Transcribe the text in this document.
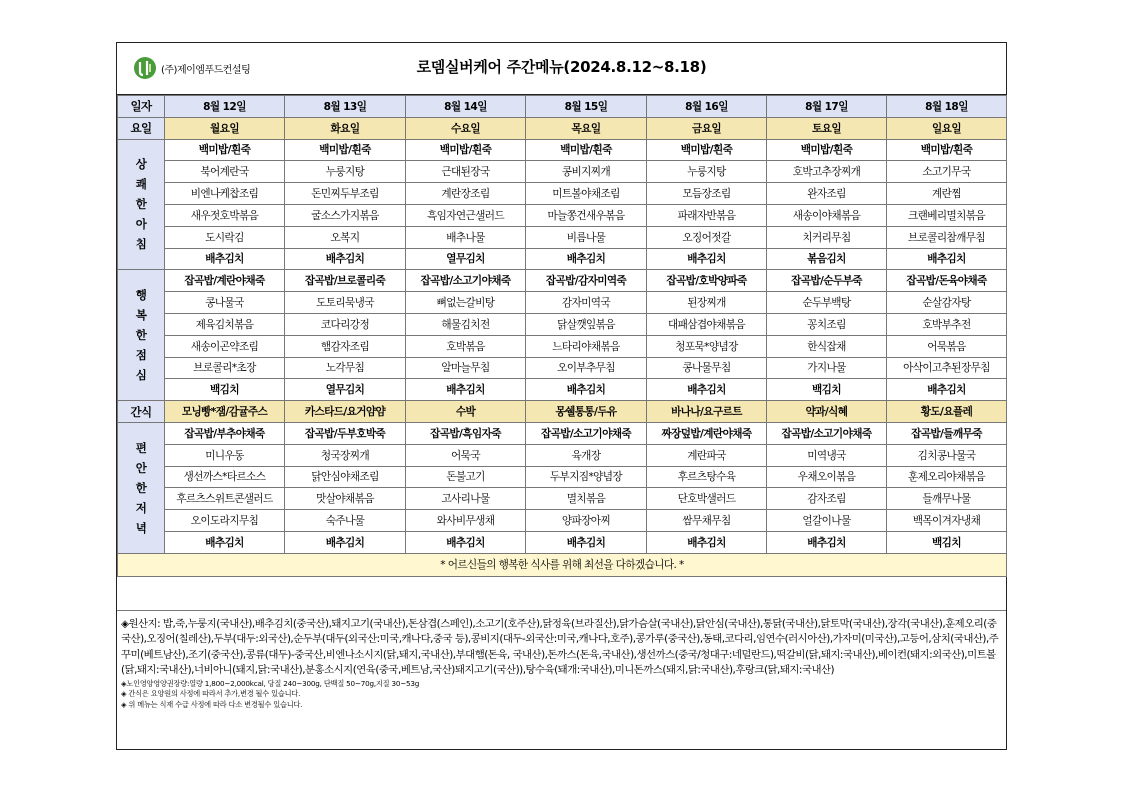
(주)제이엠푸드컨설팅	로뎀실버케어 주간메뉴(2024.8.12~8.18)
일자	8월 12일	8월 13일	8월 14일	8월 15일	8월 16일	8월 17일	8월 18일
요일	월요일	화요일	수요일	목요일	금요일	토요일	일요일
상쾌한아침	백미밥/흰죽	백미밥/흰죽	백미밥/흰죽	백미밥/흰죽	백미밥/흰죽	백미밥/흰죽	백미밥/흰죽
	북어계란국	누룽지탕	근대된장국	콩비지찌개	누룽지탕	호박고추장찌개	소고기무국
	비엔나케찹조림	돈민찌두부조림	계란장조림	미트볼야채조림	모듬장조림	완자조림	계란찜
	새우젓호박볶음	굴소스가지볶음	흑임자연근샐러드	마늘쫑건새우볶음	파래자반볶음	새송이야채볶음	크랜베리멸치볶음
	도시락김	오복지	배추나물	비름나물	오징어젓갈	치커리무침	브로콜리참깨무침
	배추김치	배추김치	열무김치	배추김치	배추김치	볶음김치	배추김치
행복한점심	잡곡밥/계란야채죽	잡곡밥/브로콜리죽	잡곡밥/소고기야채죽	잡곡밥/감자미역죽	잡곡밥/호박양파죽	잡곡밥/순두부죽	잡곡밥/돈육야채죽
	콩나물국	도토리묵냉국	뼈없는갈비탕	감자미역국	된장찌개	순두부백탕	순살감자탕
	제육김치볶음	코다리강정	해물김치전	닭살깻잎볶음	대패삼겹야채볶음	꽁치조림	호박부추전
	새송이곤약조림	햄감자조림	호박볶음	느타리야채볶음	청포묵*양념장	한식잡채	어묵볶음
	브로콜리*초장	노각무침	알마늘무침	오이부추무침	콩나물무침	가지나물	아삭이고추된장무침
	백김치	열무김치	배추김치	배추김치	배추김치	백김치	배추김치
간식	모닝빵*잼/감귤주스	카스타드/요거얌얌	수박	몽쉘통통/두유	바나나/요구르트	약과/식혜	황도/요플레
편안한저녁	잡곡밥/부추야채죽	잡곡밥/두부호박죽	잡곡밥/흑임자죽	잡곡밥/소고기야채죽	짜장덮밥/계란야채죽	잡곡밥/소고기야채죽	잡곡밥/들깨무죽
	미니우동	청국장찌개	어묵국	육개장	계란파국	미역냉국	김치콩나물국
	생선까스*타르소스	닭안심야채조림	돈불고기	두부지짐*양념장	후르츠탕수육	우채오이볶음	훈제오리야채볶음
	후르츠스위트콘샐러드	맛살야채볶음	고사리나물	멸치볶음	단호박샐러드	감자조림	들깨무나물
	오이도라지무침	숙주나물	와사비무생채	양파장아찌	쌈무채무침	얼갈이나물	백목이겨자냉채
	배추김치	배추김치	배추김치	배추김치	배추김치	배추김치	백김치
* 어르신들의 행복한 식사를 위해 최선을 다하겠습니다. *							

◈원산지: 밥,죽,누룽지(국내산),배추김치(중국산),돼지고기(국내산),돈삼겹(스페인),소고기(호주산),닭정육(브라질산),닭가슴살(국내산),닭안심(국내산),통닭(국내산),닭토막(국내산),장각(국내산),훈제오리(중국산),오징어(칠레산),두부(대두:외국산),순두부(대두(외국산:미국,캐나다,중국 등),콩비지(대두-외국산:미국,캐나다,호주),콩가루(중국산),동태,코다리,임연수(러시아산),가자미(미국산),고등어,삼치(국내산),주꾸미(베트남산),조기(중국산),콩류(대두)-중국산,비엔나소시지(닭,돼지,국내산),부대햄(돈육, 국내산),돈까스(돈육,국내산),생선까스(중국/청대구:네덜란드),떡갈비(닭,돼지:국내산),베이컨(돼지:외국산),미트볼(닭,돼지:국내산),너비아니(돼지,닭:국내산),분홍소시지(연육(중국,베트남,국산)돼지고기(국산)),탕수육(돼개:국내산),미니돈까스(돼지,닭:국내산),후랑크(닭,돼지:국내산)

◈노인영양영양권장량:열량 1,800~2,000kcal, 당질 240~300g, 단백질 50~70g,지질 30~53g

◈ 간식은 요양원의 사정에 따라서 추가,변경 될수 있습니다.

◈ 위 메뉴는 식재 수급 사정에 따라 다소 변경될수 있습니다.
